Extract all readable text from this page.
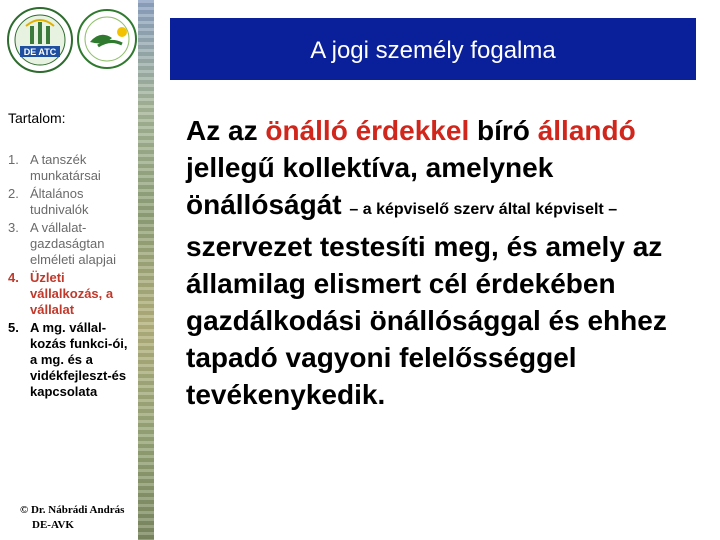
DE ATC	A jogi személy fogalma
Tartalom:
1. A tanszék munkatársai
2. Általános tudnivalók
3. A vállalat-gazdaságtan elméleti alapjai
4. Üzleti vállalkozás, a vállalat
5. A mg. vállal-kozás funkci-ói, a mg. és a vidékfejleszt-és kapcsolata
© Dr. Nábrádi András
DE-AVK

Az az önálló érdekkel bíró állandó jellegű kollektíva, amelynek önállóságát – a képviselő szerv által képviselt – szervezet testesíti meg, és amely az államilag elismert cél érdekében gazdálkodási önállósággal és ehhez tapadó vagyoni felelősséggel tevékenykedik.
